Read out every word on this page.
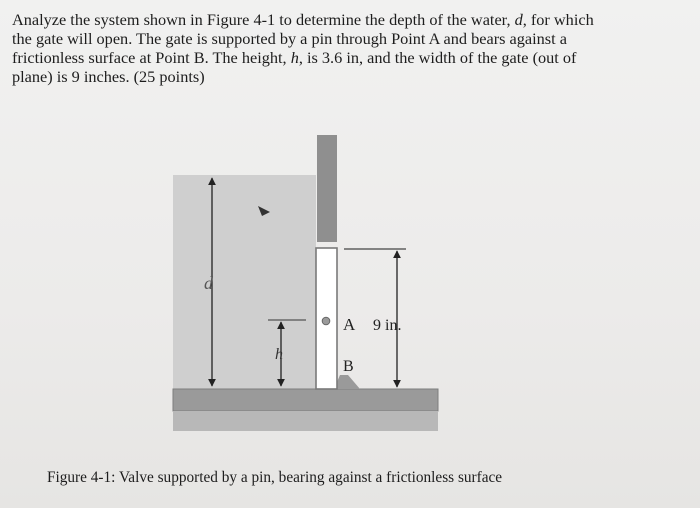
Analyze the system shown in Figure 4-1 to determine the depth of the water, d, for which

the gate will open. The gate is supported by a pin through Point A and bears against a

frictionless surface at Point B. The height, h, is 3.6 in, and the width of the gate (out of

plane) is 9 inches. (25 points)

d
h
A 9 in.
B

Figure 4-1: Valve supported by a pin, bearing against a frictionless surface
